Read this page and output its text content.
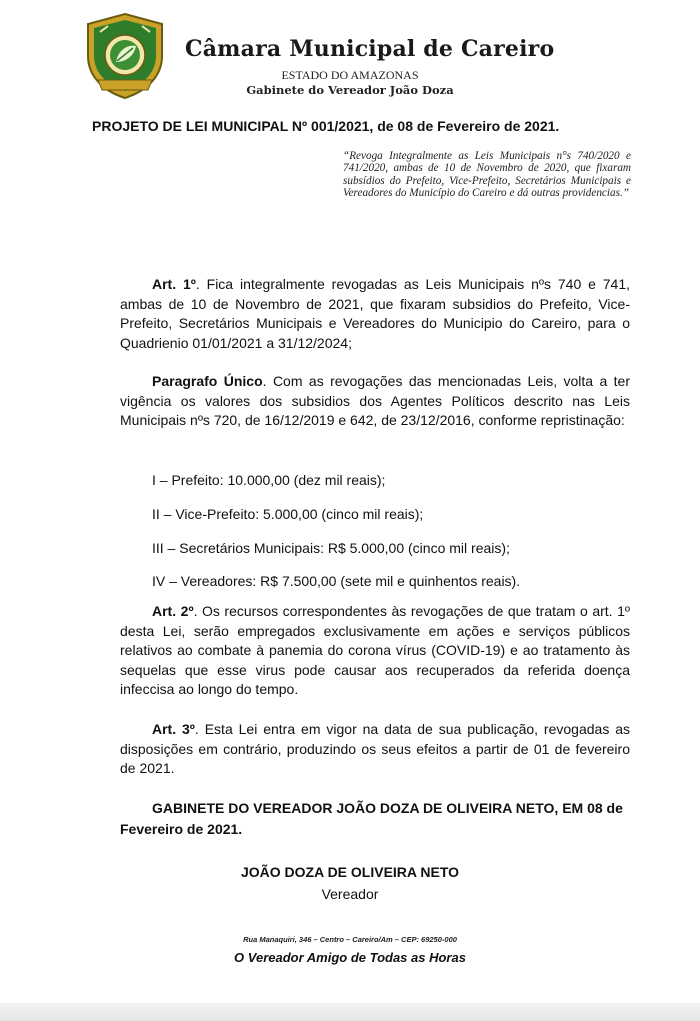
Câmara Municipal de Careiro
ESTADO DO AMAZONAS
Gabinete do Vereador João Doza
PROJETO DE LEI MUNICIPAL Nº 001/2021, de 08 de Fevereiro de 2021.
“Revoga Integralmente as Leis Municipais n°s 740/2020 e 741/2020, ambas de 10 de Novembro de 2020, que fixaram subsídios do Prefeito, Vice-Prefeito, Secretários Municipais e Vereadores do Município do Careiro e dá outras providencias.”
Art. 1º. Fica integralmente revogadas as Leis Municipais nºs 740 e 741, ambas de 10 de Novembro de 2021, que fixaram subsidios do Prefeito, Vice-Prefeito, Secretários Municipais e Vereadores do Municipio do Careiro, para o Quadrienio 01/01/2021 a 31/12/2024;
Paragrafo Único. Com as revogações das mencionadas Leis, volta a ter vigência os valores dos subsidios dos Agentes Políticos descrito nas Leis Municipais nºs 720, de 16/12/2019 e 642, de 23/12/2016, conforme repristinação:
I – Prefeito: 10.000,00 (dez mil reais);
II – Vice-Prefeito: 5.000,00 (cinco mil reais);
III – Secretários Municipais: R$ 5.000,00 (cinco mil reais);
IV – Vereadores: R$ 7.500,00 (sete mil e quinhentos reais).
Art. 2º. Os recursos correspondentes às revogações de que tratam o art. 1º desta Lei, serão empregados exclusivamente em ações e serviços públicos relativos ao combate à panemia do corona vírus (COVID-19) e ao tratamento às sequelas que esse virus pode causar aos recuperados da referida doença infeccisa ao longo do tempo.
Art. 3º. Esta Lei entra em vigor na data de sua publicação, revogadas as disposições em contrário, produzindo os seus efeitos a partir de 01 de fevereiro de 2021.
GABINETE DO VEREADOR JOÃO DOZA DE OLIVEIRA NETO, EM 08 de Fevereiro de 2021.
JOÃO DOZA DE OLIVEIRA NETO
Vereador
Rua Manaquiri, 346 – Centro – Careiro/Am – CEP: 69250-000
O Vereador Amigo de Todas as Horas
